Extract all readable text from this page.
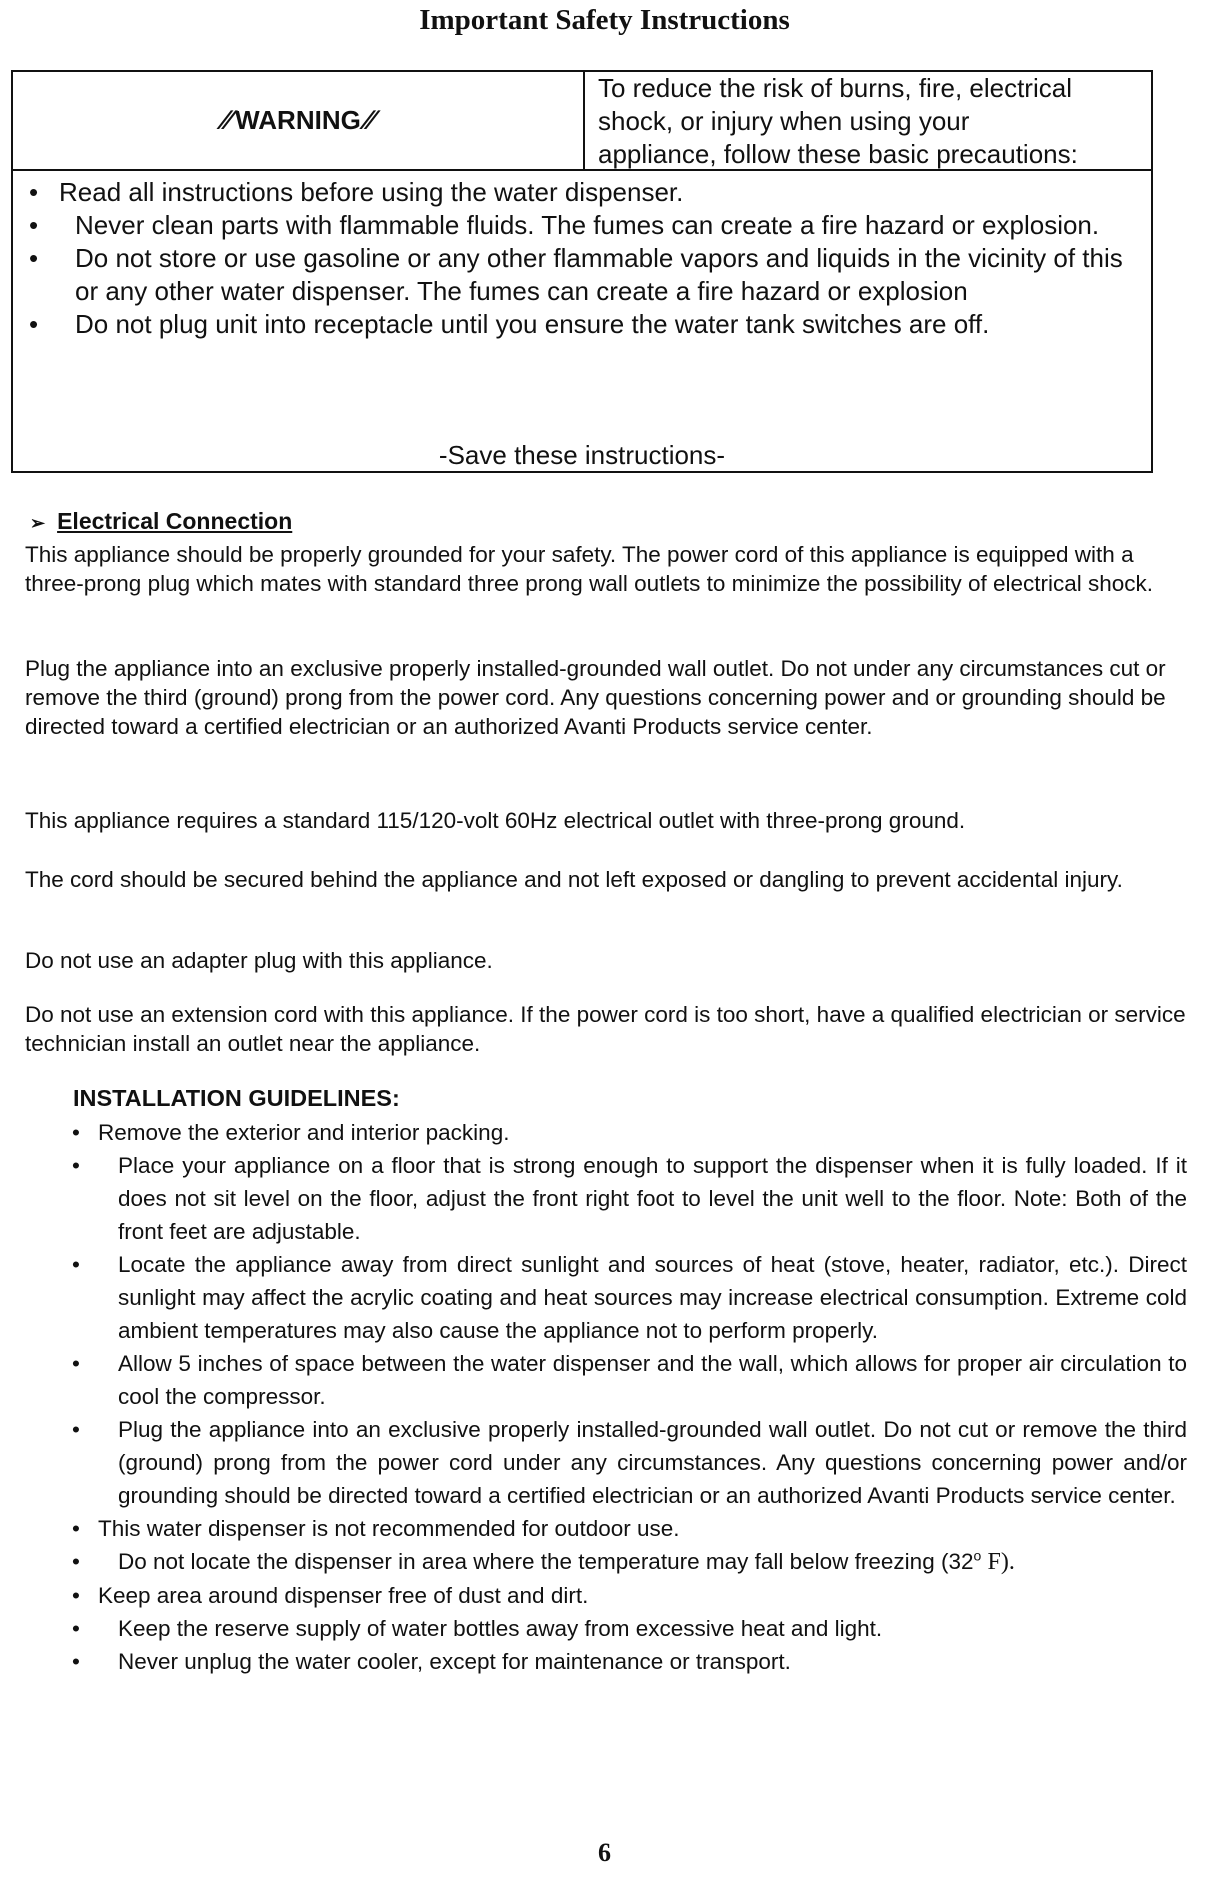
Important Safety Instructions
∕∕ WARNING ∕∕
To reduce the risk of burns, fire, electrical
shock, or injury when using your
appliance, follow these basic precautions:
• Read all instructions before using the water dispenser.
• Never clean parts with flammable fluids. The fumes can create a fire hazard or explosion.
• Do not store or use gasoline or any other flammable vapors and liquids in the vicinity of this or any other water dispenser. The fumes can create a fire hazard or explosion
• Do not plug unit into receptacle until you ensure the water tank switches are off.
-Save these instructions-
➢ Electrical Connection

This appliance should be properly grounded for your safety. The power cord of this appliance is equipped with a three-prong plug which mates with standard three prong wall outlets to minimize the possibility of electrical shock.

Plug the appliance into an exclusive properly installed-grounded wall outlet. Do not under any circumstances cut or remove the third (ground) prong from the power cord. Any questions concerning power and or grounding should be directed toward a certified electrician or an authorized Avanti Products service center.

This appliance requires a standard 115/120-volt 60Hz electrical outlet with three-prong ground.

The cord should be secured behind the appliance and not left exposed or dangling to prevent accidental injury.

Do not use an adapter plug with this appliance.

Do not use an extension cord with this appliance. If the power cord is too short, have a qualified electrician or service technician install an outlet near the appliance.

INSTALLATION GUIDELINES:
• Remove the exterior and interior packing.
• Place your appliance on a floor that is strong enough to support the dispenser when it is fully loaded. If it does not sit level on the floor, adjust the front right foot to level the unit well to the floor. Note: Both of the front feet are adjustable.
• Locate the appliance away from direct sunlight and sources of heat (stove, heater, radiator, etc.). Direct sunlight may affect the acrylic coating and heat sources may increase electrical consumption. Extreme cold ambient temperatures may also cause the appliance not to perform properly.
• Allow 5 inches of space between the water dispenser and the wall, which allows for proper air circulation to cool the compressor.
• Plug the appliance into an exclusive properly installed-grounded wall outlet. Do not cut or remove the third (ground) prong from the power cord under any circumstances. Any questions concerning power and/or grounding should be directed toward a certified electrician or an authorized Avanti Products service center.
• This water dispenser is not recommended for outdoor use.
• Do not locate the dispenser in area where the temperature may fall below freezing (32$^o$ F).
• Keep area around dispenser free of dust and dirt.
• Keep the reserve supply of water bottles away from excessive heat and light.
• Never unplug the water cooler, except for maintenance or transport.
6
